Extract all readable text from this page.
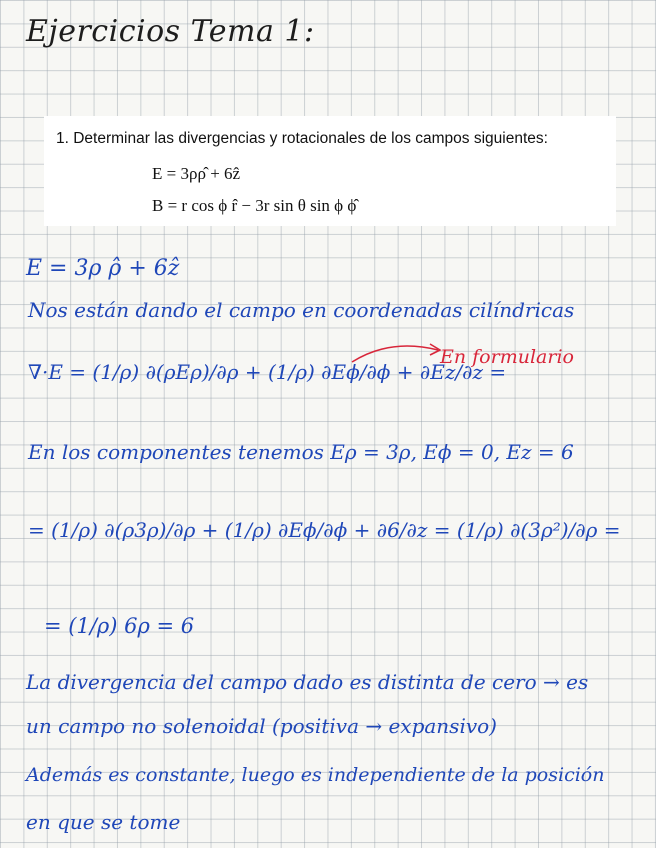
Ejercicios Tema 1:
1. Determinar las divergencias y rotacionales de los campos siguientes:
E = 3ρρ̂ + 6ẑ
B = r cos ϕ r̂ − 3r sin θ sin ϕ ϕ̂
E = 3ρ ρ̂ + 6ẑ
Nos están dando el campo en coordenadas cilíndricas
∇·E = (1/ρ) ∂(ρEρ)/∂ρ + (1/ρ) ∂Eϕ/∂ϕ + ∂Ez/∂z =
En formulario
En los componentes tenemos Eρ = 3ρ, Eϕ = 0, Ez = 6
= (1/ρ) ∂(ρ3ρ)/∂ρ + (1/ρ) ∂Eϕ/∂ϕ + ∂6/∂z = (1/ρ) ∂(3ρ²)/∂ρ =
= (1/ρ) 6ρ = 6
La divergencia del campo dado es distinta de cero → es
un campo no solenoidal (positiva → expansivo)
Además es constante, luego es independiente de la posición
en que se tome
